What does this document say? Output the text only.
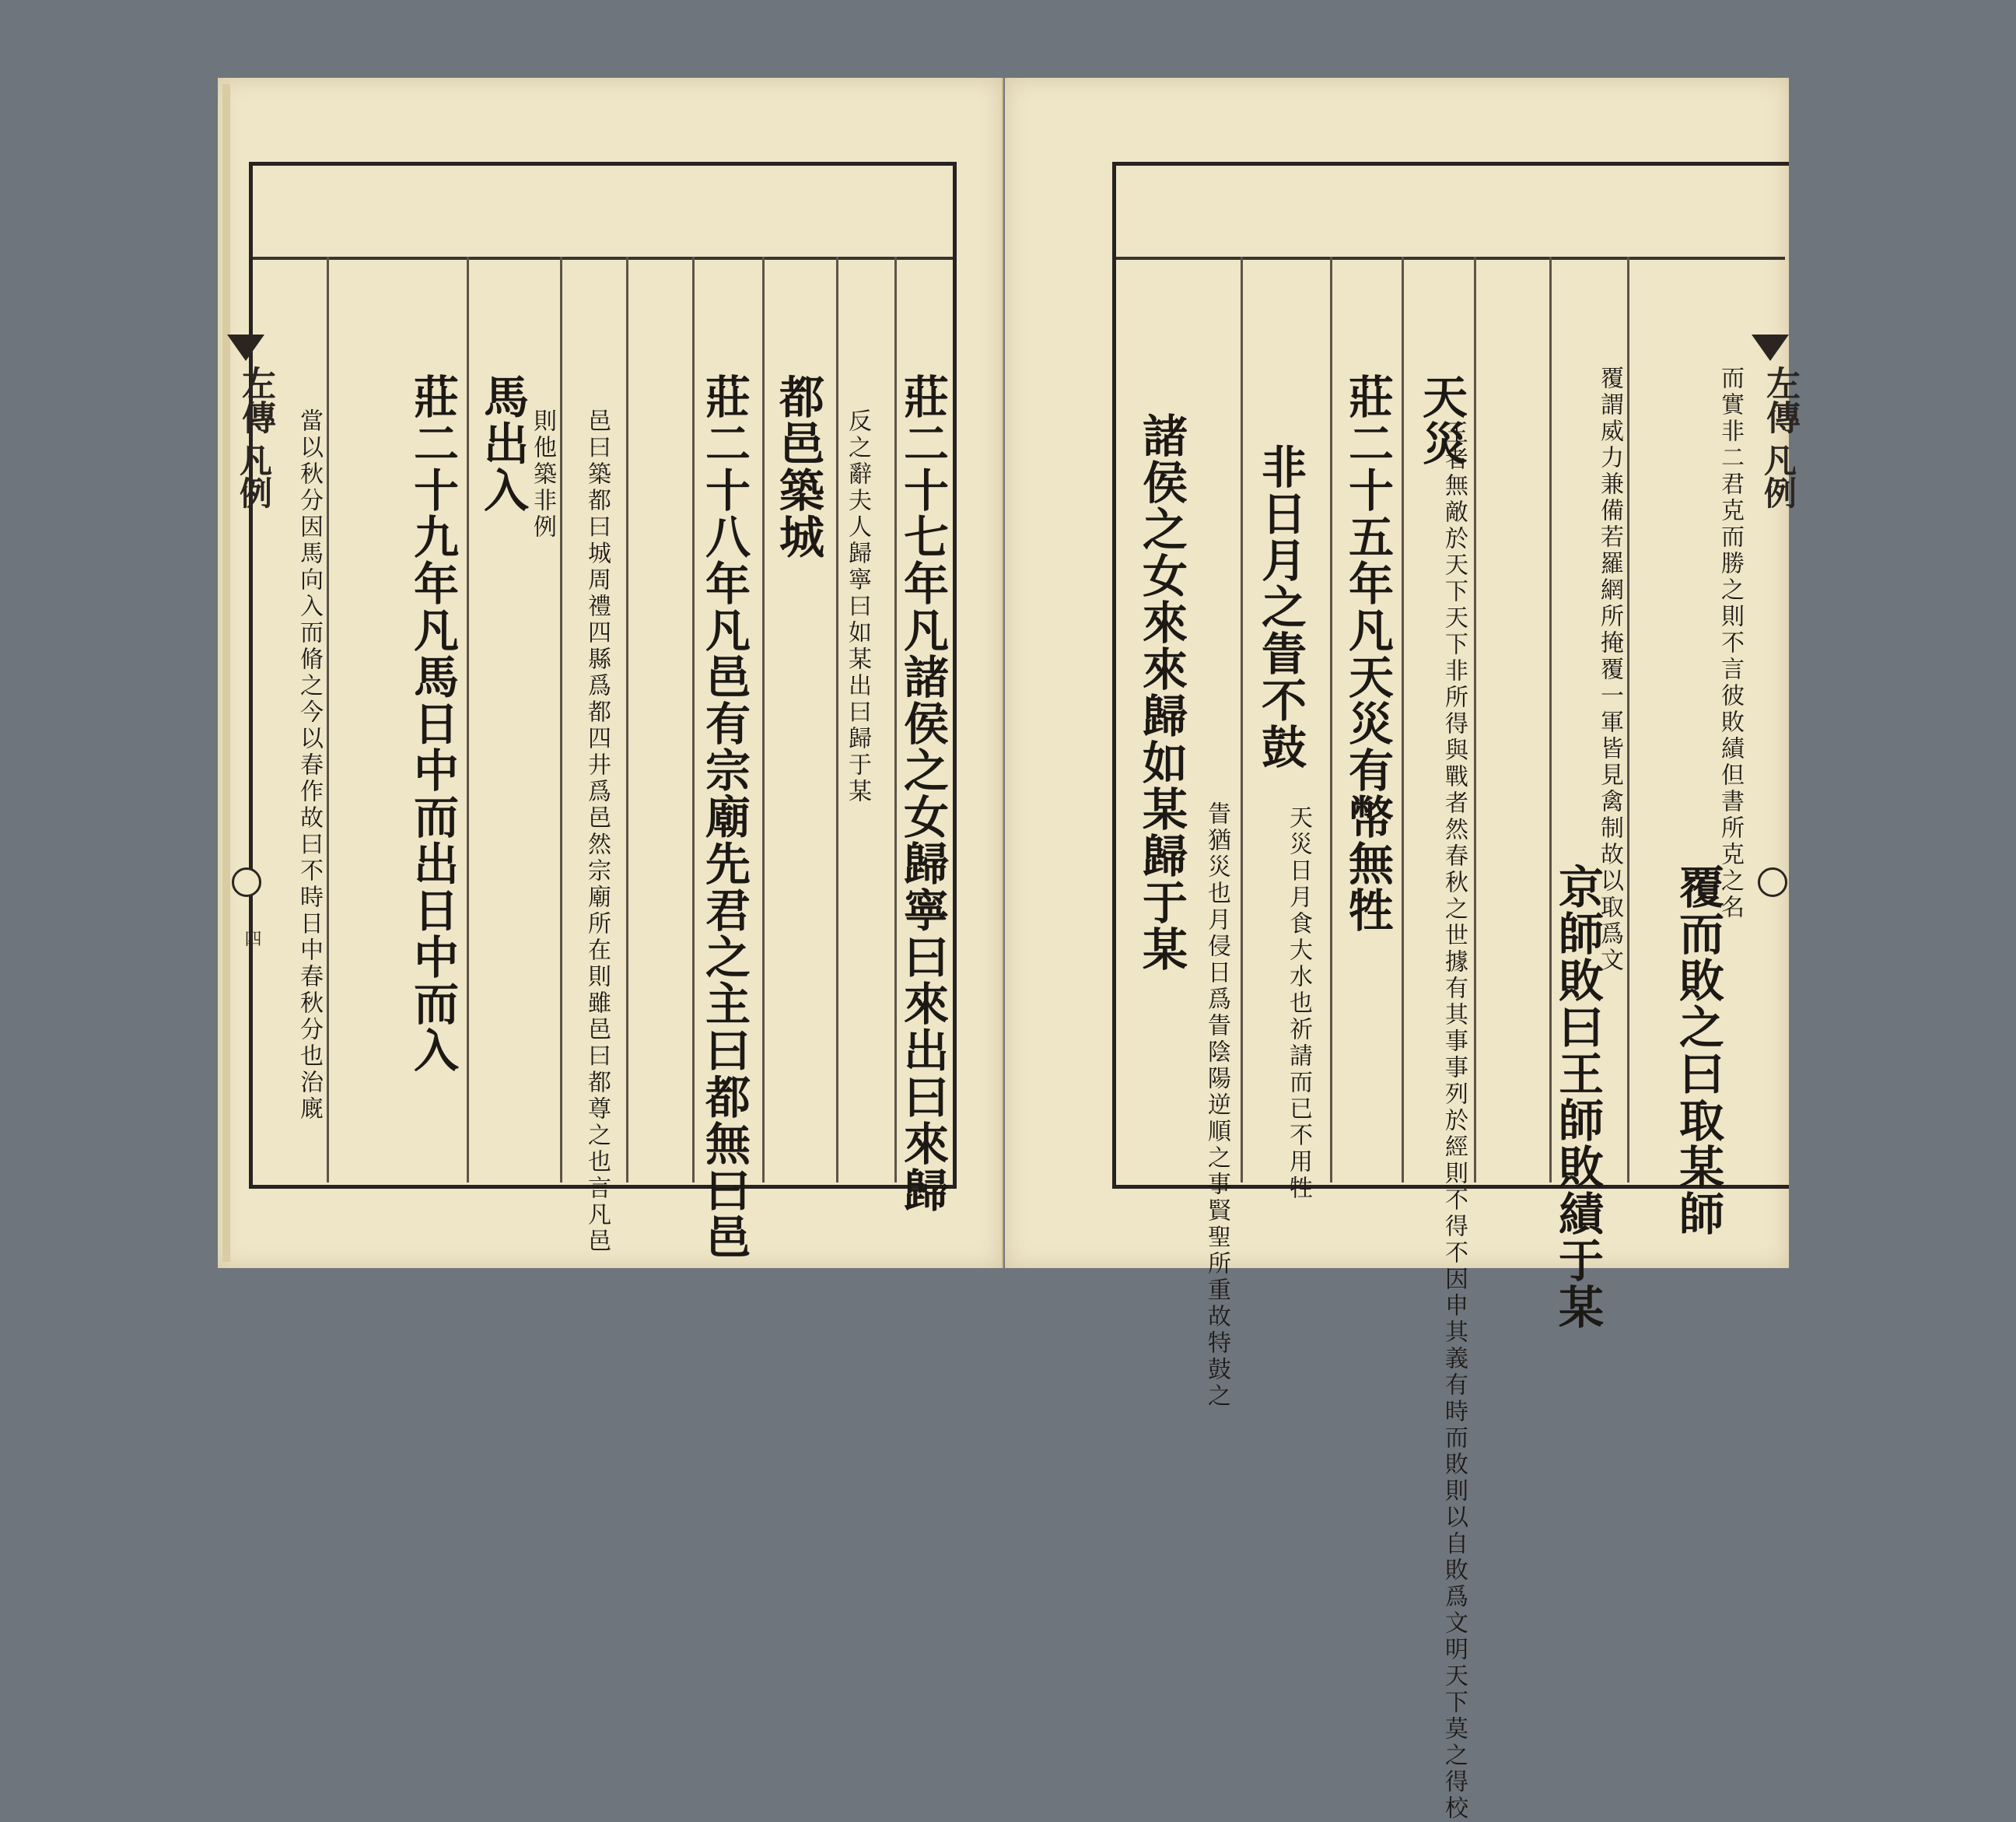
左傳
凡例
四	莊二十七年凡諸侯之女歸寧曰來出曰來歸
反之辭夫人歸寧曰如某出曰歸于某
都邑築城
莊二十八年凡邑有宗廟先君之主曰都無曰邑
邑曰築都曰城周禮四縣爲都四井爲邑然宗廟所在則雖邑曰都尊之也言凡邑
則他築非例
馬出入
莊二十九年凡馬日中而出日中而入
當以秋分因馬向入而脩之今以春作故曰不時日中春秋分也治廐
左傳
凡例
而實非二君克而勝之則不言彼敗績但書所克之名
覆而敗之曰取某師
覆謂威力兼備若羅網所掩覆一軍皆見禽制故以取爲文
京師敗曰王師敗績于某
王者無敵於天下天下非所得與戰者然春秋之世據有其事事列於經則不得不因申其義有時而敗則以自敗爲文明天下莫之得校
天災
莊二十五年凡天災有幣無牲
天災日月食大水也祈請而已不用牲
非日月之眚不鼓
眚猶災也月侵日爲眚陰陽逆順之事賢聖所重故特鼓之
諸侯之女來來歸如某歸于某
